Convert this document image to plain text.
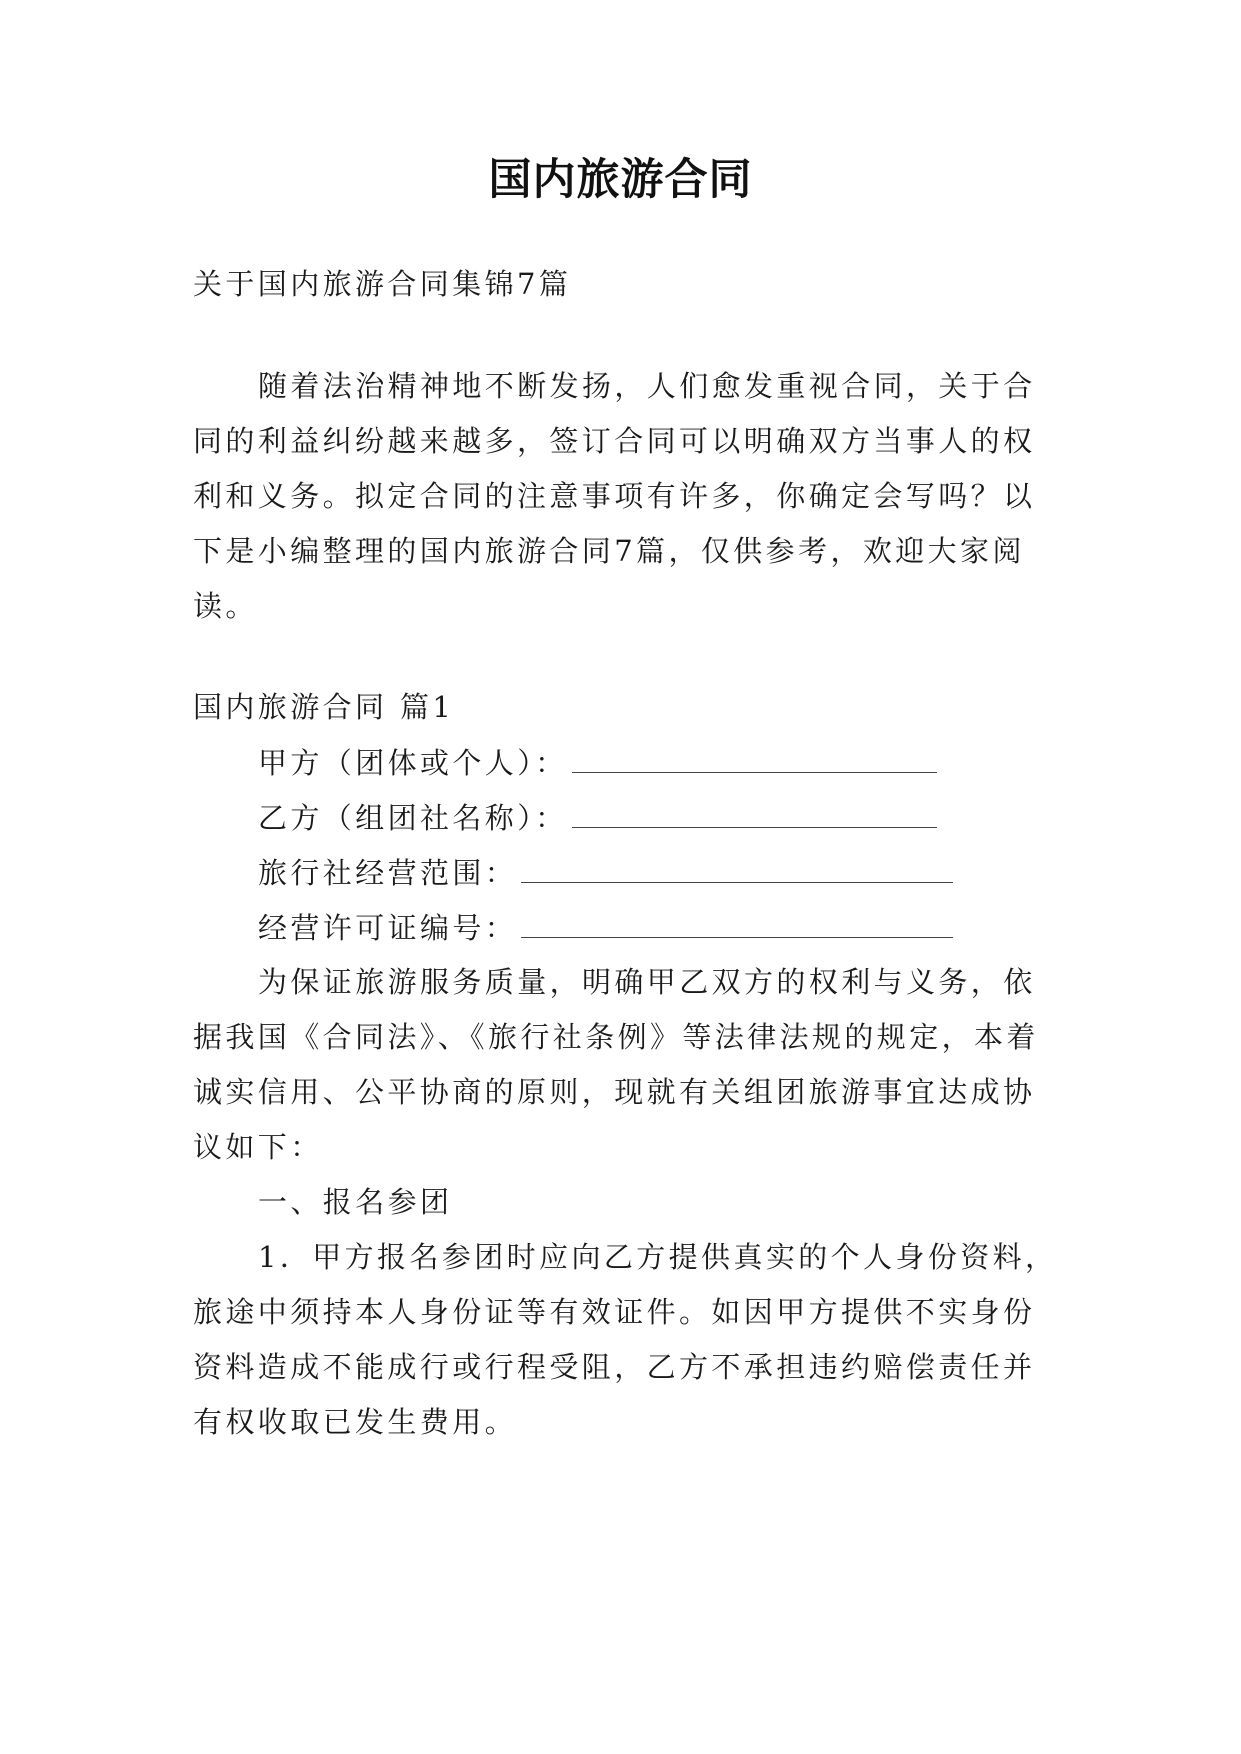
国内旅游合同
关于国内旅游合同集锦7篇
随着法治精神地不断发扬，人们愈发重视合同，关于合
同的利益纠纷越来越多，签订合同可以明确双方当事人的权
利和义务。拟定合同的注意事项有许多，你确定会写吗？以
下是小编整理的国内旅游合同7篇，仅供参考，欢迎大家阅
读。
国内旅游合同 篇1
甲方（团体或个人）：
乙方（组团社名称）：
旅行社经营范围：
经营许可证编号：
为保证旅游服务质量，明确甲乙双方的权利与义务，依
据我国《合同法》、《旅行社条例》等法律法规的规定，本着
诚实信用、公平协商的原则，现就有关组团旅游事宜达成协
议如下：
一、报名参团
1．甲方报名参团时应向乙方提供真实的个人身份资料，
旅途中须持本人身份证等有效证件。如因甲方提供不实身份
资料造成不能成行或行程受阻，乙方不承担违约赔偿责任并
有权收取已发生费用。
